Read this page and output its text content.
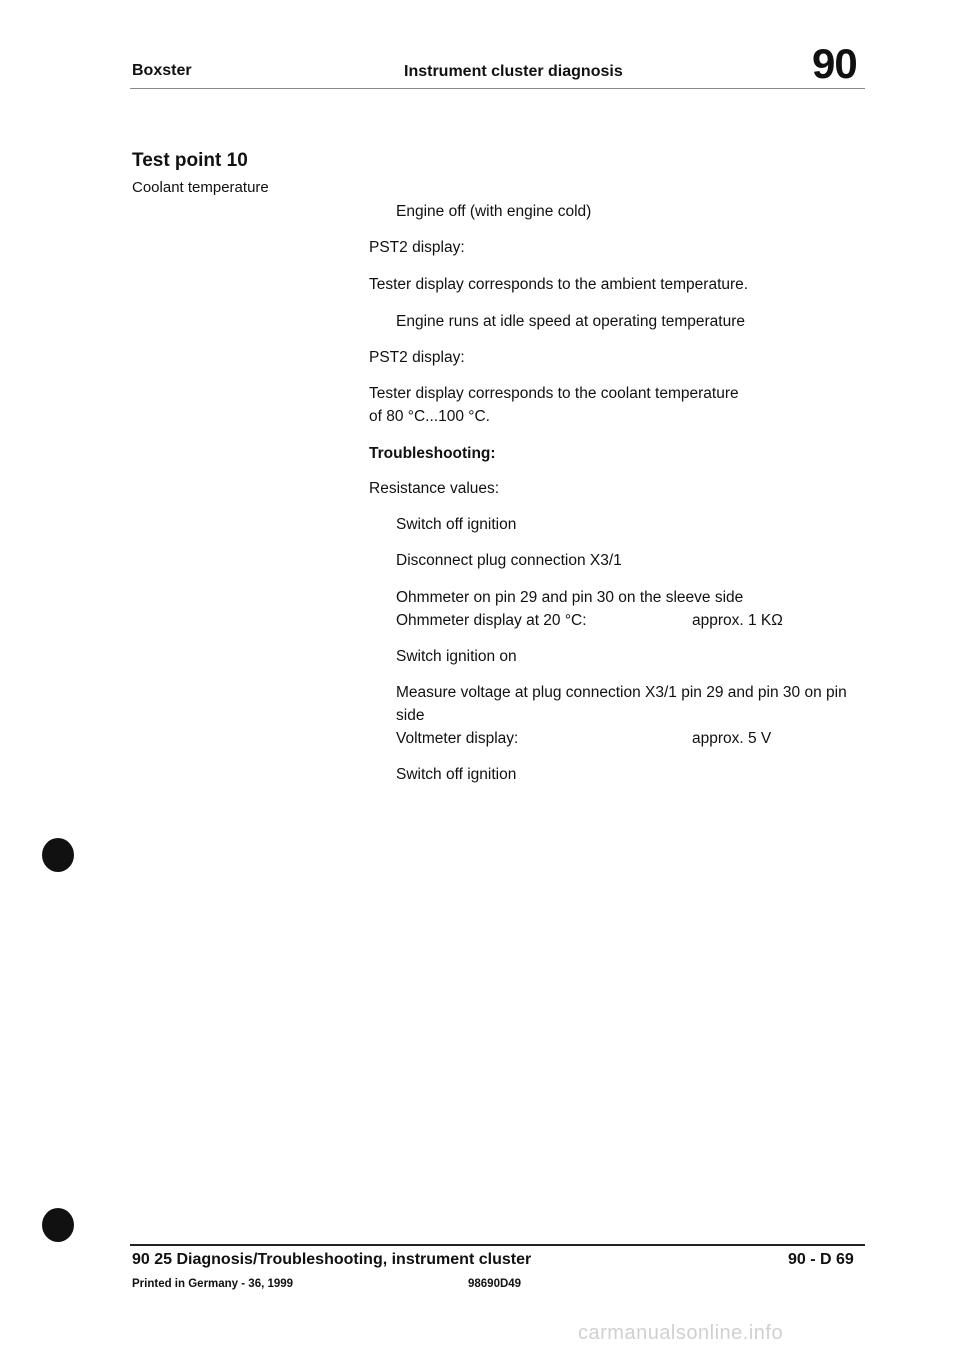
Boxster	Instrument cluster diagnosis	90
Test point 10
Coolant temperature
Engine off (with engine cold)
PST2 display:
Tester display corresponds to the ambient temperature.
Engine runs at idle speed at operating temperature
PST2 display:
Tester display corresponds to the coolant temperature
of 80 °C...100 °C.
Troubleshooting:
Resistance values:
Switch off ignition
Disconnect plug connection X3/1
Ohmmeter on pin 29 and pin 30 on the sleeve side
Ohmmeter display at 20 °C:	approx. 1 KΩ
Switch ignition on
Measure voltage at plug connection X3/1 pin 29 and pin 30 on pin
side
Voltmeter display:	approx. 5 V
Switch off ignition
90 25 Diagnosis/Troubleshooting, instrument cluster	90 - D 69
Printed in Germany - 36, 1999	98690D49
carmanualsonline.info
